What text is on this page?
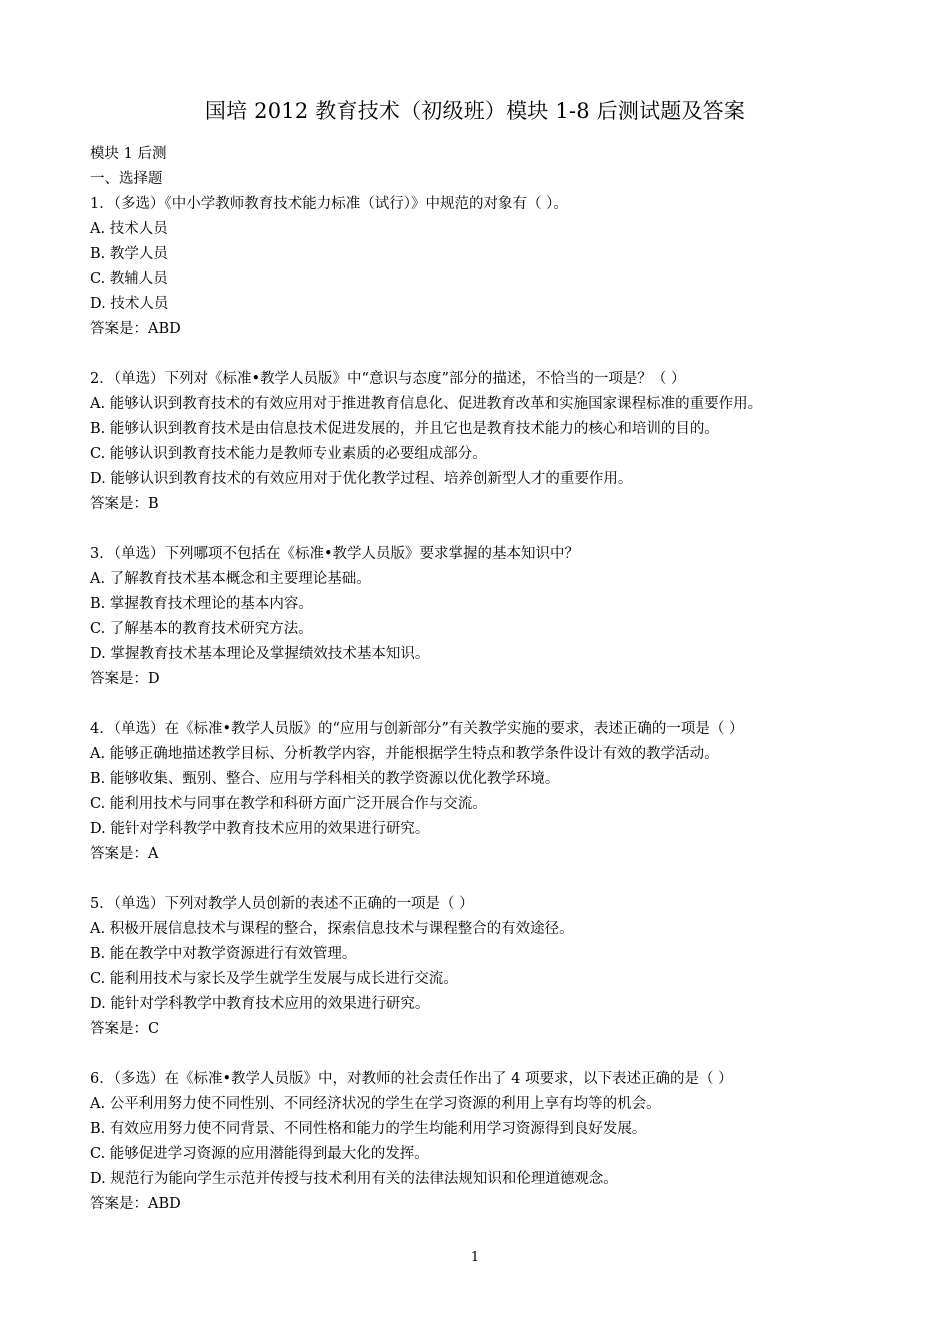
国培 2012 教育技术（初级班）模块 1-8 后测试题及答案
模块 1 后测
一、选择题
1．（多选）《中小学教师教育技术能力标准（试行）》中规范的对象有（ ）。
A. 技术人员
B. 教学人员
C. 教辅人员
D. 技术人员
答案是：ABD
2．（单选）下列对《标准•教学人员版》中“意识与态度”部分的描述，不恰当的一项是？（ ）
A. 能够认识到教育技术的有效应用对于推进教育信息化、促进教育改革和实施国家课程标准的重要作用。
B. 能够认识到教育技术是由信息技术促进发展的，并且它也是教育技术能力的核心和培训的目的。
C. 能够认识到教育技术能力是教师专业素质的必要组成部分。
D. 能够认识到教育技术的有效应用对于优化教学过程、培养创新型人才的重要作用。
答案是：B
3．（单选）下列哪项不包括在《标准•教学人员版》要求掌握的基本知识中？
A. 了解教育技术基本概念和主要理论基础。
B. 掌握教育技术理论的基本内容。
C. 了解基本的教育技术研究方法。
D. 掌握教育技术基本理论及掌握绩效技术基本知识。
答案是：D
4．（单选）在《标准•教学人员版》的“应用与创新部分”有关教学实施的要求，表述正确的一项是（ ）
A. 能够正确地描述教学目标、分析教学内容，并能根据学生特点和教学条件设计有效的教学活动。
B. 能够收集、甄别、整合、应用与学科相关的教学资源以优化教学环境。
C. 能利用技术与同事在教学和科研方面广泛开展合作与交流。
D. 能针对学科教学中教育技术应用的效果进行研究。
答案是：A
5．（单选）下列对教学人员创新的表述不正确的一项是（ ）
A. 积极开展信息技术与课程的整合，探索信息技术与课程整合的有效途径。
B. 能在教学中对教学资源进行有效管理。
C. 能利用技术与家长及学生就学生发展与成长进行交流。
D. 能针对学科教学中教育技术应用的效果进行研究。
答案是：C
6．（多选）在《标准•教学人员版》中，对教师的社会责任作出了 4 项要求，以下表述正确的是（ ）
A. 公平利用努力使不同性别、不同经济状况的学生在学习资源的利用上享有均等的机会。
B. 有效应用努力使不同背景、不同性格和能力的学生均能利用学习资源得到良好发展。
C. 能够促进学习资源的应用潜能得到最大化的发挥。
D. 规范行为能向学生示范并传授与技术利用有关的法律法规知识和伦理道德观念。
答案是：ABD
1
